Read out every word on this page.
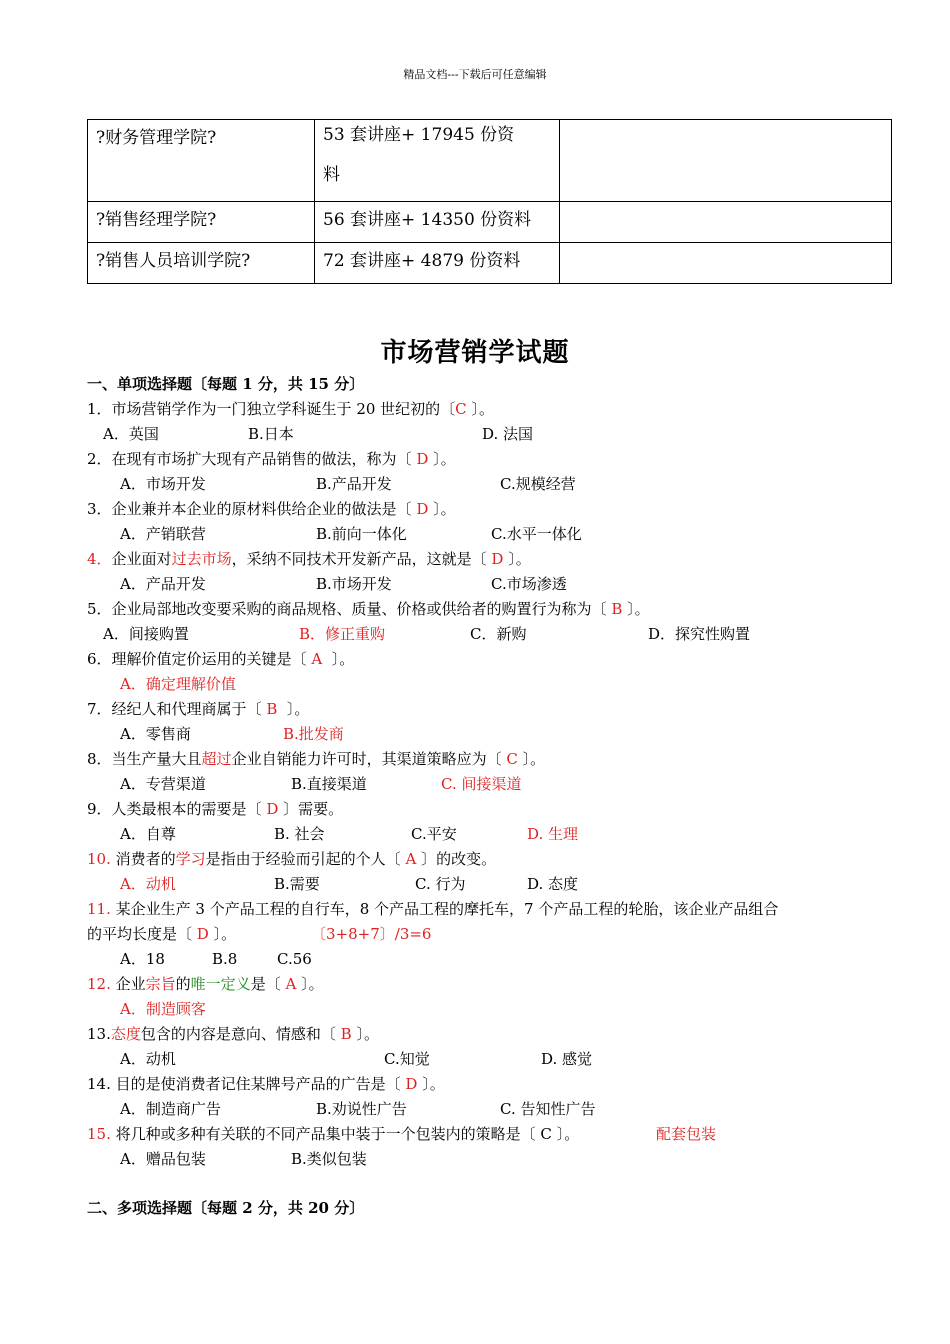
精品文档---下载后可任意编辑
?财务管理学院?	53 套讲座+ 17945 份资
料	

?销售经理学院?	56 套讲座+ 14350 份资料	
?销售人员培训学院?	72 套讲座+ 4879 份资料	
市场营销学试题
一、单项选择题〔每题 1 分，共 15 分〕
1．市场营销学作为一门独立学科诞生于 20 世纪初的〔C 〕。
A．英国	B.日本	D. 法国
2．在现有市场扩大现有产品销售的做法，称为〔 D 〕。
A．市场开发	B.产品开发	C.规模经营
3．企业兼并本企业的原材料供给企业的做法是〔 D 〕。
A．产销联营	B.前向一体化	C.水平一体化
4．企业面对过去市场，采纳不同技术开发新产品，这就是〔 D 〕。
A．产品开发	B.市场开发	C.市场渗透
5．企业局部地改变要采购的商品规格、质量、价格或供给者的购置行为称为〔 B 〕。
A．间接购置	B．修正重购	C．新购	D．探究性购置
6．理解价值定价运用的关键是〔 A 〕。
A．确定理解价值
7．经纪人和代理商属于〔 B 〕。
A．零售商	B.批发商
8．当生产量大且超过企业自销能力许可时，其渠道策略应为〔 C 〕。
A．专营渠道	B.直接渠道	C. 间接渠道
9．人类最根本的需要是〔 D 〕需要。
A．自尊	B. 社会	C.平安	D. 生理
10. 消费者的学习是指由于经验而引起的个人〔 A 〕的改变。
A．动机	B.需要	C. 行为	D. 态度
11. 某企业生产 3 个产品工程的自行车，8 个产品工程的摩托车，7 个产品工程的轮胎，该企业产品组合
的平均长度是〔 D 〕。	〔3+8+7〕/3=6
A．18	B.8	C.56
12. 企业宗旨的唯一定义是〔 A 〕。
A．制造顾客
13.态度包含的内容是意向、情感和〔 B 〕。
A．动机	C.知觉	D. 感觉
14. 目的是使消费者记住某牌号产品的广告是〔 D 〕。
A．制造商广告	B.劝说性广告	C. 告知性广告
15. 将几种或多种有关联的不同产品集中装于一个包装内的策略是〔 C 〕。	配套包装
A．赠品包装	B.类似包装
二、多项选择题〔每题 2 分，共 20 分〕
